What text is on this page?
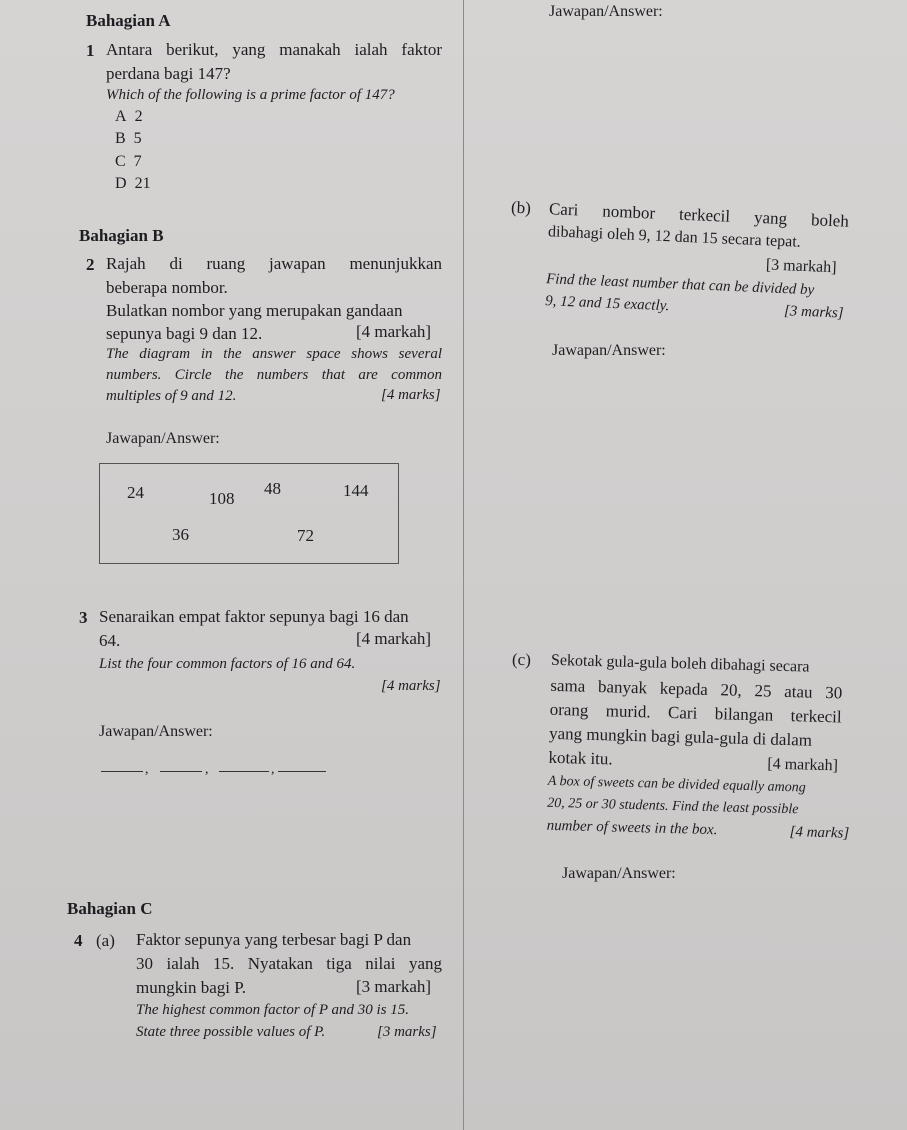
Bahagian A
1 Antara berikut, yang manakah ialah faktor
perdana bagi 147?
Which of the following is a prime factor of 147?
A 2
B 5
C 7
D 21
Bahagian B
2 Rajah di ruang jawapan menunjukkan
beberapa nombor.
Bulatkan nombor yang merupakan gandaan
sepunya bagi 9 dan 12.	[4 markah]
The diagram in the answer space shows several
numbers. Circle the numbers that are common
multiples of 9 and 12.	[4 marks]
Jawapan/Answer:
24	108
48	144
36	72
3 Senaraikan empat faktor sepunya bagi 16 dan
64.	[4 markah]
List the four common factors of 16 and 64.
[4 marks]
Jawapan/Answer:
,	,	,
Bahagian C
4 (a) Faktor sepunya yang terbesar bagi P dan
30 ialah 15. Nyatakan tiga nilai yang
mungkin bagi P.	[3 markah]
The highest common factor of P and 30 is 15.
State three possible values of P.	[3 marks]
Jawapan/Answer:
(b) Cari nombor terkecil yang boleh
dibahagi oleh 9, 12 dan 15 secara tepat.
[3 markah]
Find the least number that can be divided by
9, 12 and 15 exactly.	[3 marks]
Jawapan/Answer:
(c) Sekotak gula-gula boleh dibahagi secara
sama banyak kepada 20, 25 atau 30
orang murid. Cari bilangan terkecil
yang mungkin bagi gula-gula di dalam
kotak itu.	[4 markah]
A box of sweets can be divided equally among
20, 25 or 30 students. Find the least possible
number of sweets in the box.	[4 marks]
Jawapan/Answer:
